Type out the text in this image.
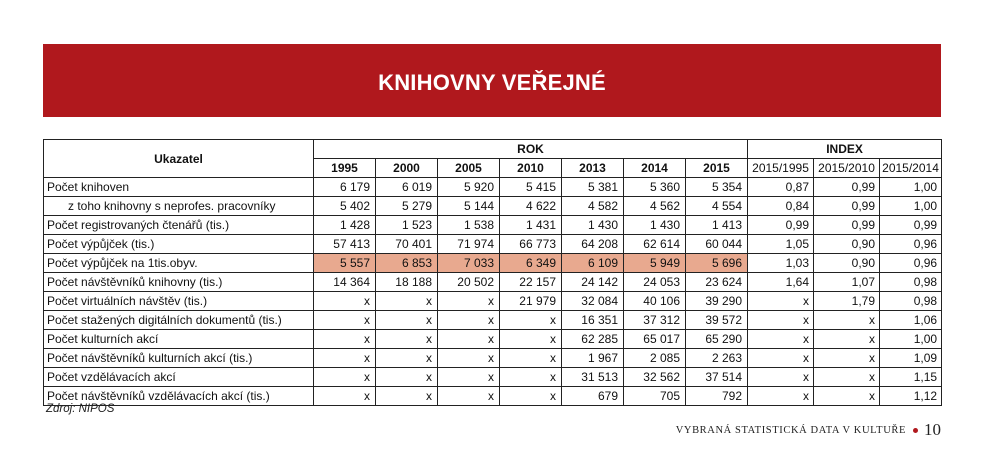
KNIHOVNY VEŘEJNÉ
Ukazatel	ROK							INDEX		
	1995	2000	2005	2010	2013	2014	2015	2015/1995	2015/2010	2015/2014
Počet knihoven	6 179	6 019	5 920	5 415	5 381	5 360	5 354	0,87	0,99	1,00
z toho knihovny s neprofes. pracovníky	5 402	5 279	5 144	4 622	4 582	4 562	4 554	0,84	0,99	1,00
Počet registrovaných čtenářů (tis.)	1 428	1 523	1 538	1 431	1 430	1 430	1 413	0,99	0,99	0,99
Počet výpůjček (tis.)	57 413	70 401	71 974	66 773	64 208	62 614	60 044	1,05	0,90	0,96
Počet výpůjček na 1tis.obyv.	5 557	6 853	7 033	6 349	6 109	5 949	5 696	1,03	0,90	0,96
Počet návštěvníků knihovny (tis.)	14 364	18 188	20 502	22 157	24 142	24 053	23 624	1,64	1,07	0,98
Počet virtuálních návštěv (tis.)	x	x	x	21 979	32 084	40 106	39 290	x	1,79	0,98
Počet stažených digitálních dokumentů (tis.)	x	x	x	x	16 351	37 312	39 572	x	x	1,06
Počet kulturních akcí	x	x	x	x	62 285	65 017	65 290	x	x	1,00
Počet návštěvníků kulturních akcí (tis.)	x	x	x	x	1 967	2 085	2 263	x	x	1,09
Počet vzdělávacích akcí	x	x	x	x	31 513	32 562	37 514	x	x	1,15
Počet návštěvníků vzdělávacích akcí (tis.)	x	x	x	x	679	705	792	x	x	1,12
Zdroj: NIPOS
VYBRANÁ STATISTICKÁ DATA V KULTUŘE 10
